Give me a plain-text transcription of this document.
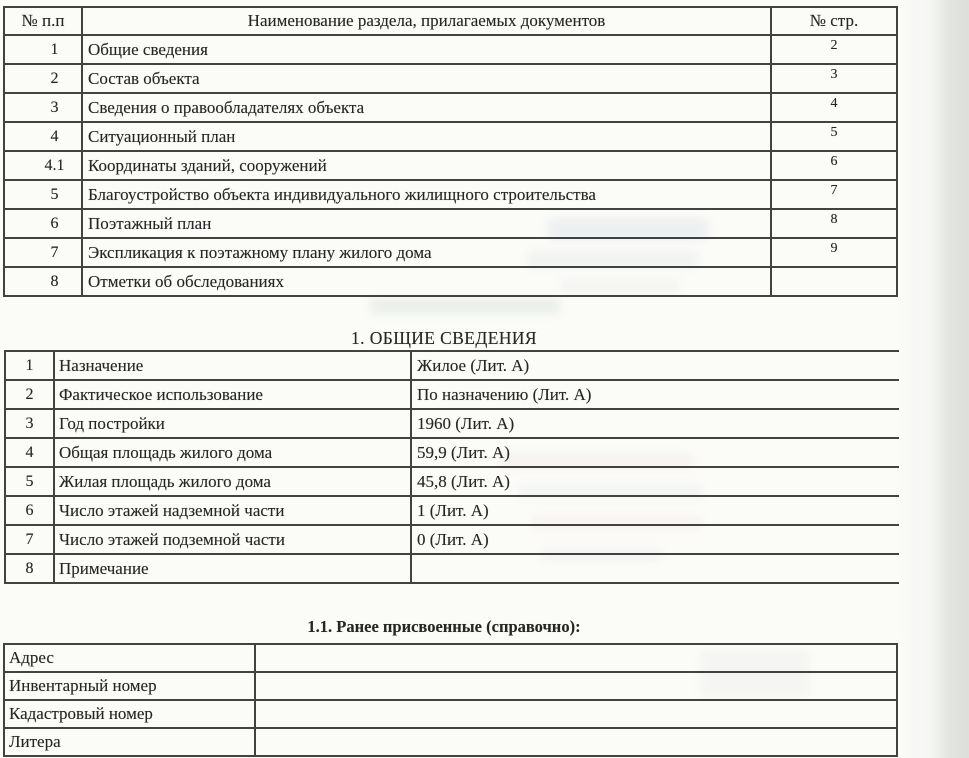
№ п.п	Наименование раздела, прилагаемых документов	№ стр.
1	Общие сведения	2
2	Состав объекта	3
3	Сведения о правообладателях объекта	4
4	Ситуационный план	5
4.1	Координаты зданий, сооружений	6
5	Благоустройство объекта индивидуального жилищного строительства	7
6	Поэтажный план	8
7	Экспликация к поэтажному плану жилого дома	9
8	Отметки об обследованиях	
1. ОБЩИЕ СВЕДЕНИЯ
1	Назначение	Жилое (Лит. А)
2	Фактическое использование	По назначению (Лит. А)
3	Год постройки	1960 (Лит. А)
4	Общая площадь жилого дома	59,9 (Лит. А)
5	Жилая площадь жилого дома	45,8 (Лит. А)
6	Число этажей надземной части	1 (Лит. А)
7	Число этажей подземной части	0 (Лит. А)
8	Примечание	
1.1. Ранее присвоенные (справочно):
Адрес	
Инвентарный номер	
Кадастровый номер	
Литера	
